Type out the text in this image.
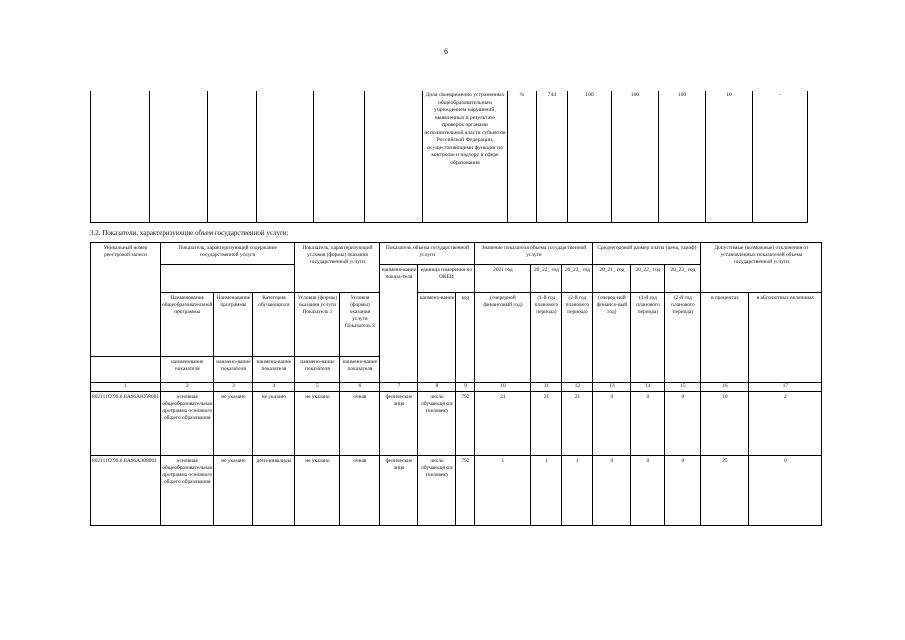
6
						Доля своевременно устраненных общеобразовательным учреждением нарушений, выявленных в результате проверок органами исполнительной власти субъектов Российской Федерации, осуществляющими функции по контролю и надзору в сфере образования	%	744	100	100	100	10	-
3.2. Показатели, характеризующие объем государственной услуги:
Уникальный номер реестровой записи	Показатель, характеризующий содержание государственной услуги			Показатель, характеризующий условия (формы) оказания государственной услуги		Показатель объема государственной услуги			Значение показателя объема государственной услуги			Среднегодовой размер платы (цена, тариф)			Допустимые (возможные) отклонения от установленных показателей объема государственной услуги	
						наимено-вание показа-теля	единица измерения по ОКЕИ		2021 год	20_22_ год	20_23_ год	20_21_ год	20_22_ год	20_23_ год		
	Наименование общеобразовательной программы	Наименование программы	Категория обучающихся	Условия (формы) оказания услуги Показатель 1	Условия (формы) оказания услуги Показатель 2		наимено-вание	код	(очередной финансовый год)	(1-й год планового периода)	(2-й год планового периода)	(очеред-ной финансо-вый год)	(1-й год планового периода)	(2-й год планового периода)	в процентах	в абсолютных величинах
	наименование показателя	наимено-вание показателя	наимено-вание показателя	наимено-вание показателя	наимено-вание показателя											
1	2	3	4	5	6	7	8	9	10	11	12	13	14	15	16	17
802111О.99.0.БА96АЮ58001	основная общеобразовательная программа основного общего образования	не указано	не указано	не указано	очная	физические лица	число обучающихся (человек)	792	21	21	21	0	0	0	10	2
802111О.99.0.БА96АЭ08001	основная общеобразовательная программа основного общего образования	не указано	дети-инвалиды	не указано	очная	физические лица	число обучающихся (человек)	792	1	1	1	0	0	0	25	0
